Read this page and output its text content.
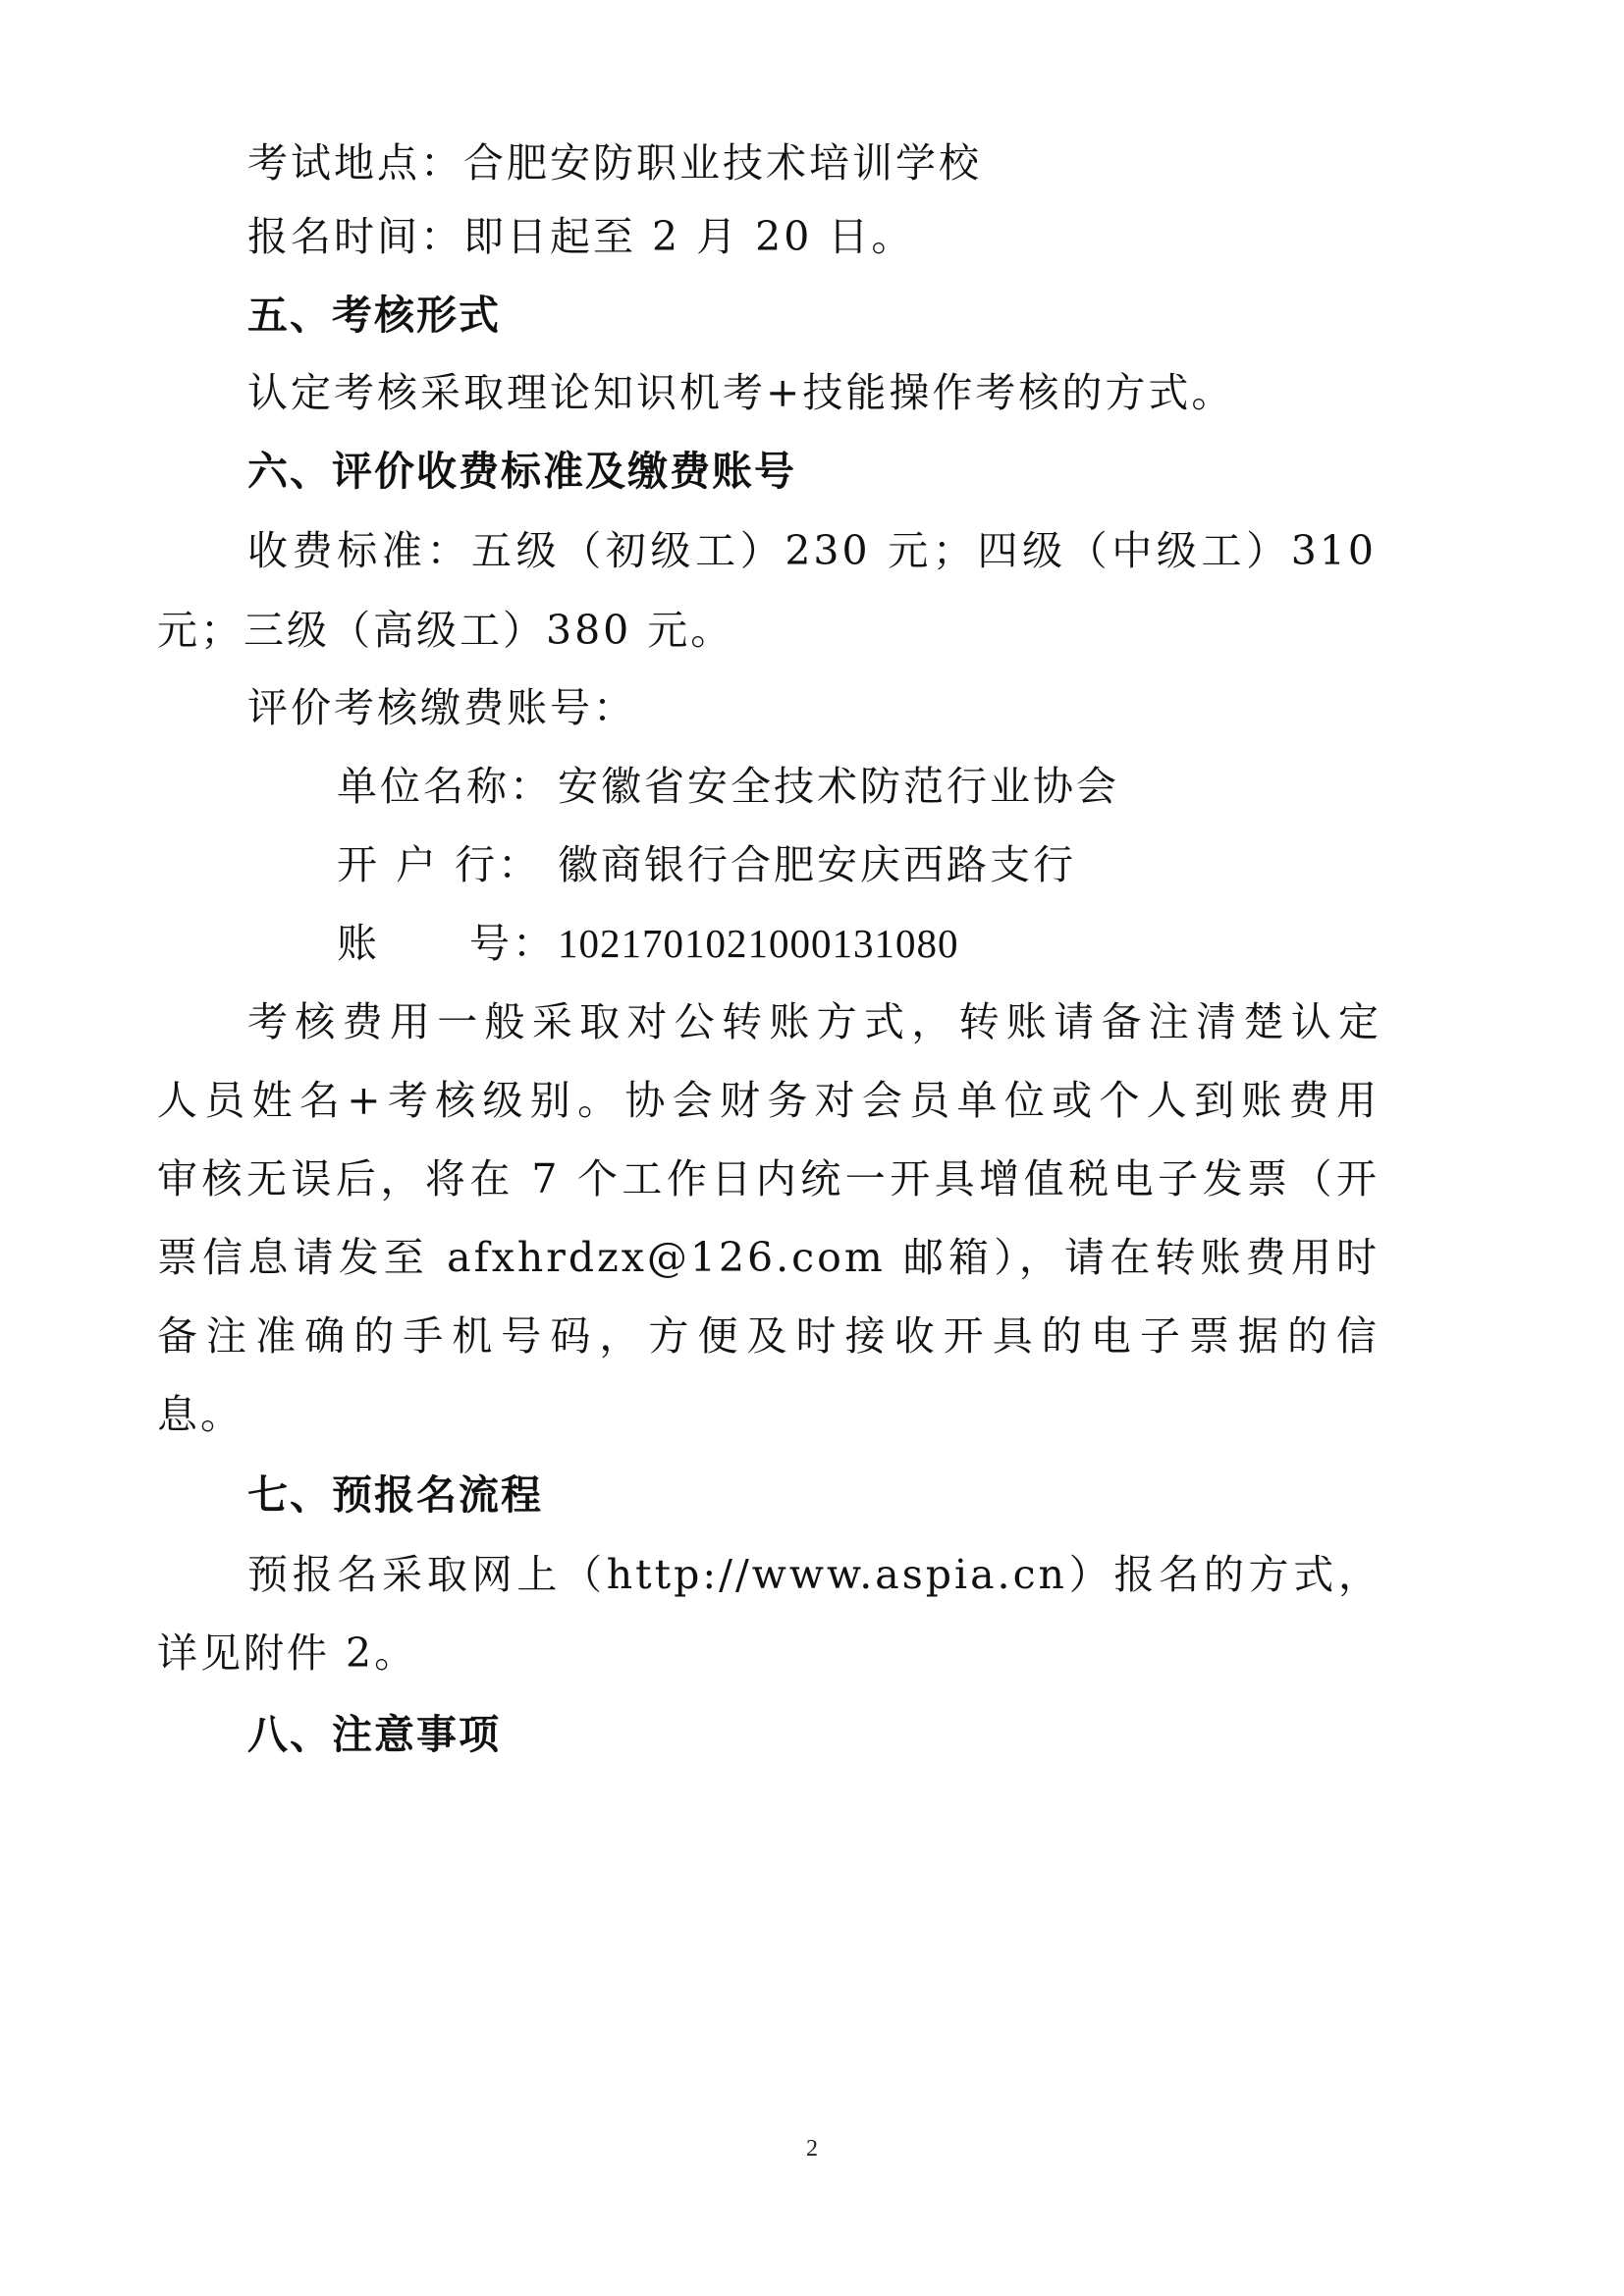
考试地点：合肥安防职业技术培训学校
报名时间：即日起至 2 月 20 日。
五、考核形式
认定考核采取理论知识机考+技能操作考核的方式。
六、评价收费标准及缴费账号
收费标准：五级（初级工）230 元；四级（中级工）310
元；三级（高级工）380 元。
评价考核缴费账号：
单位名称： 安徽省安全技术防范行业协会
开 户 行： 徽商银行合肥安庆西路支行
账 号： 1021701021000131080
考核费用一般采取对公转账方式，转账请备注清楚认定
人员姓名+考核级别。协会财务对会员单位或个人到账费用
审核无误后，将在 7 个工作日内统一开具增值税电子发票（开
票信息请发至 afxhrdzx@126.com 邮箱），请在转账费用时
备注准确的手机号码，方便及时接收开具的电子票据的信
息。
七、预报名流程
预报名采取网上（http://www.aspia.cn）报名的方式，
详见附件 2。
八、注意事项
2
